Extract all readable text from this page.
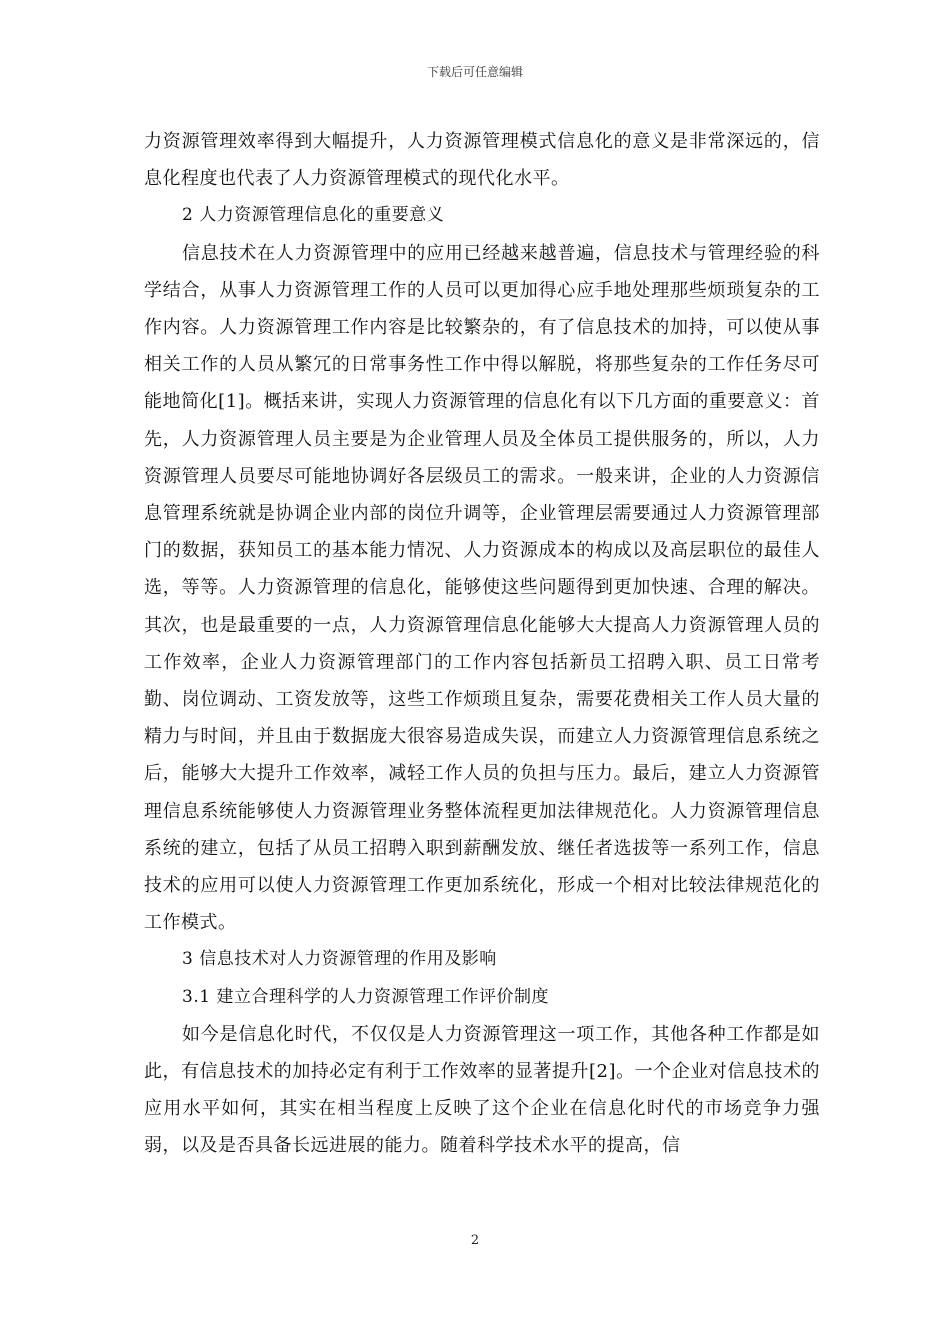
下载后可任意编辑

力资源管理效率得到大幅提升，人力资源管理模式信息化的意义是非常深远的，信息化程度也代表了人力资源管理模式的现代化水平。

2 人力资源管理信息化的重要意义

信息技术在人力资源管理中的应用已经越来越普遍，信息技术与管理经验的科学结合，从事人力资源管理工作的人员可以更加得心应手地处理那些烦琐复杂的工作内容。人力资源管理工作内容是比较繁杂的，有了信息技术的加持，可以使从事相关工作的人员从繁冗的日常事务性工作中得以解脱，将那些复杂的工作任务尽可能地简化[1]。概括来讲，实现人力资源管理的信息化有以下几方面的重要意义：首先，人力资源管理人员主要是为企业管理人员及全体员工提供服务的，所以，人力资源管理人员要尽可能地协调好各层级员工的需求。一般来讲，企业的人力资源信息管理系统就是协调企业内部的岗位升调等，企业管理层需要通过人力资源管理部门的数据，获知员工的基本能力情况、人力资源成本的构成以及高层职位的最佳人选，等等。人力资源管理的信息化，能够使这些问题得到更加快速、合理的解决。其次，也是最重要的一点，人力资源管理信息化能够大大提高人力资源管理人员的工作效率，企业人力资源管理部门的工作内容包括新员工招聘入职、员工日常考勤、岗位调动、工资发放等，这些工作烦琐且复杂，需要花费相关工作人员大量的精力与时间，并且由于数据庞大很容易造成失误，而建立人力资源管理信息系统之后，能够大大提升工作效率，减轻工作人员的负担与压力。最后，建立人力资源管理信息系统能够使人力资源管理业务整体流程更加法律规范化。人力资源管理信息系统的建立，包括了从员工招聘入职到薪酬发放、继任者选拔等一系列工作，信息技术的应用可以使人力资源管理工作更加系统化，形成一个相对比较法律规范化的工作模式。

3 信息技术对人力资源管理的作用及影响

3.1 建立合理科学的人力资源管理工作评价制度

如今是信息化时代，不仅仅是人力资源管理这一项工作，其他各种工作都是如此，有信息技术的加持必定有利于工作效率的显著提升[2]。一个企业对信息技术的应用水平如何，其实在相当程度上反映了这个企业在信息化时代的市场竞争力强弱，以及是否具备长远进展的能力。随着科学技术水平的提高，信

2
